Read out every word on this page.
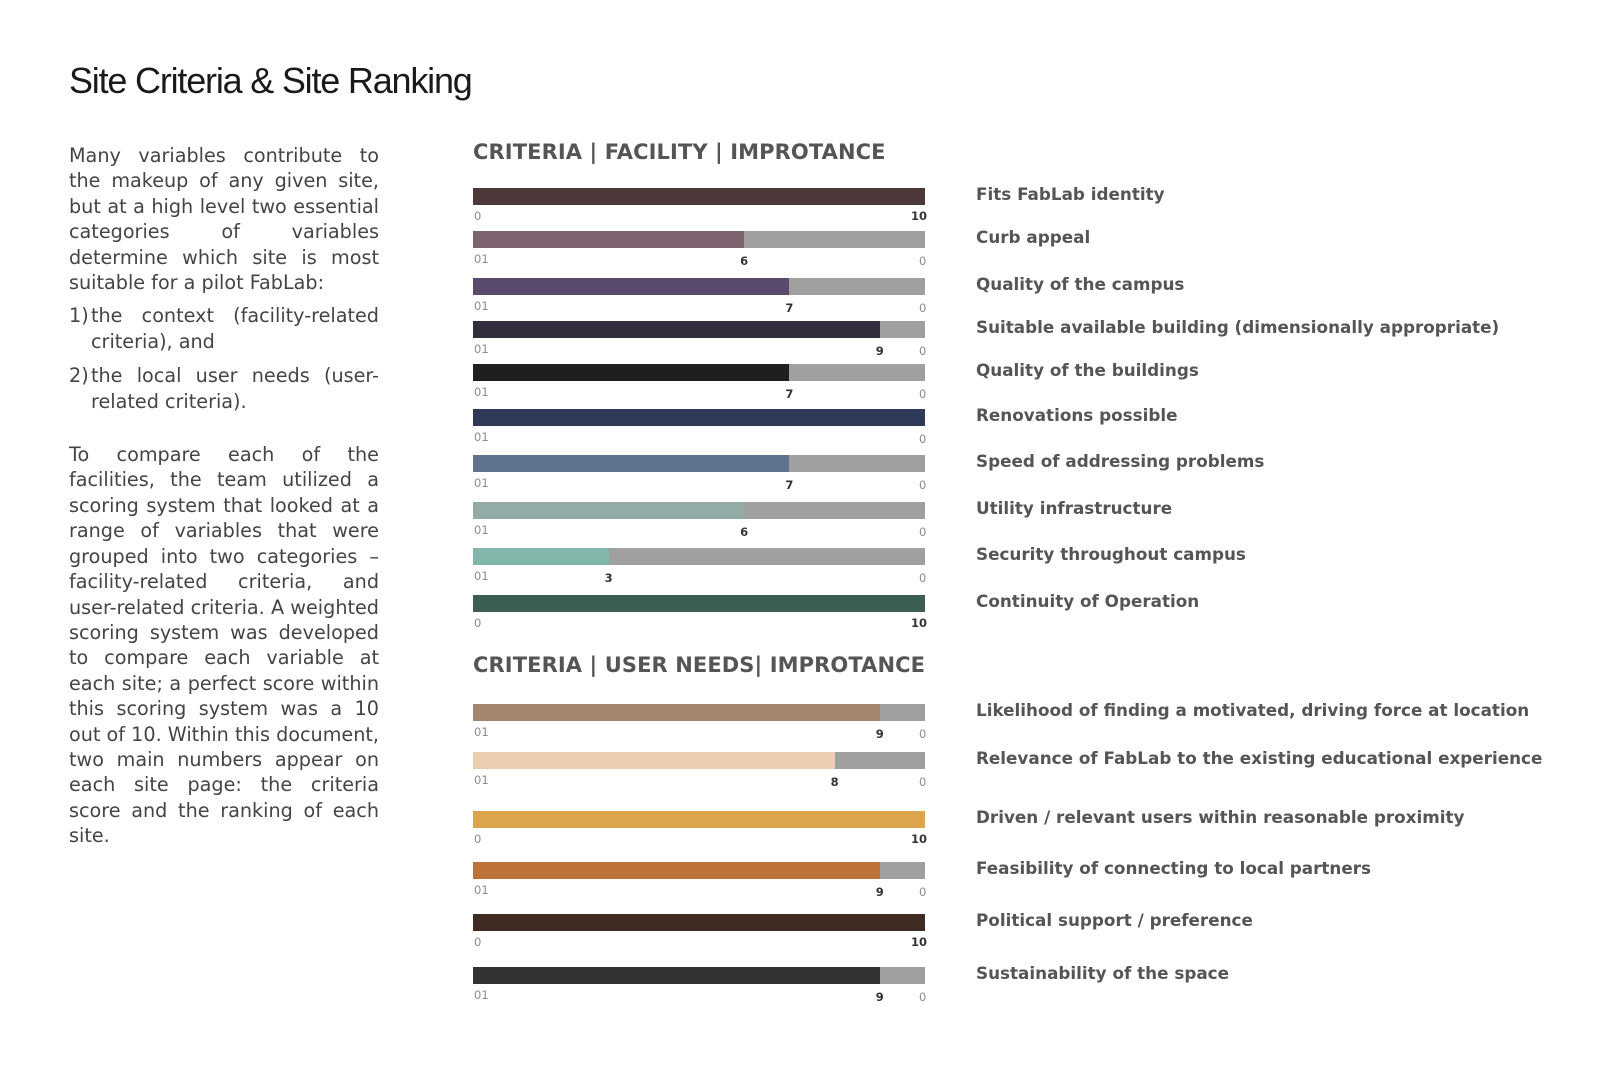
Site Criteria & Site Ranking

Many variables contribute to the makeup of any given site, but at a high level two essential categories of variables determine which site is most suitable for a pilot FabLab:

1) the context (facility-related criteria), and
2) the local user needs (user-related criteria).

To compare each of the facilities, the team utilized a scoring system that looked at a range of variables that were grouped into two categories – facility-related criteria, and user-related criteria. A weighted scoring system was developed to compare each variable at each site; a perfect score within this scoring system was a 10 out of 10. Within this document, two main numbers appear on each site page: the criteria score and the ranking of each site.

CRITERIA | FACILITY | IMPROTANCE
0	10
Fits FabLab identity
01	6	0
Curb appeal
01	7	0
Quality of the campus
01	9	0
Suitable available building (dimensionally appropriate)
01	7	0
Quality of the buildings
01	0
Renovations possible
01	7	0
Speed of addressing problems
01	6	0
Utility infrastructure
01	3	0
Security throughout campus
0	10
Continuity of Operation
CRITERIA | USER NEEDS| IMPROTANCE
01	9	0
Likelihood of finding a motivated, driving force at location
01	8	0
Relevance of FabLab to the existing educational experience
0	10
Driven / relevant users within reasonable proximity
01	9	0
Feasibility of connecting to local partners
0	10
Political support / preference
01	9	0
Sustainability of the space
